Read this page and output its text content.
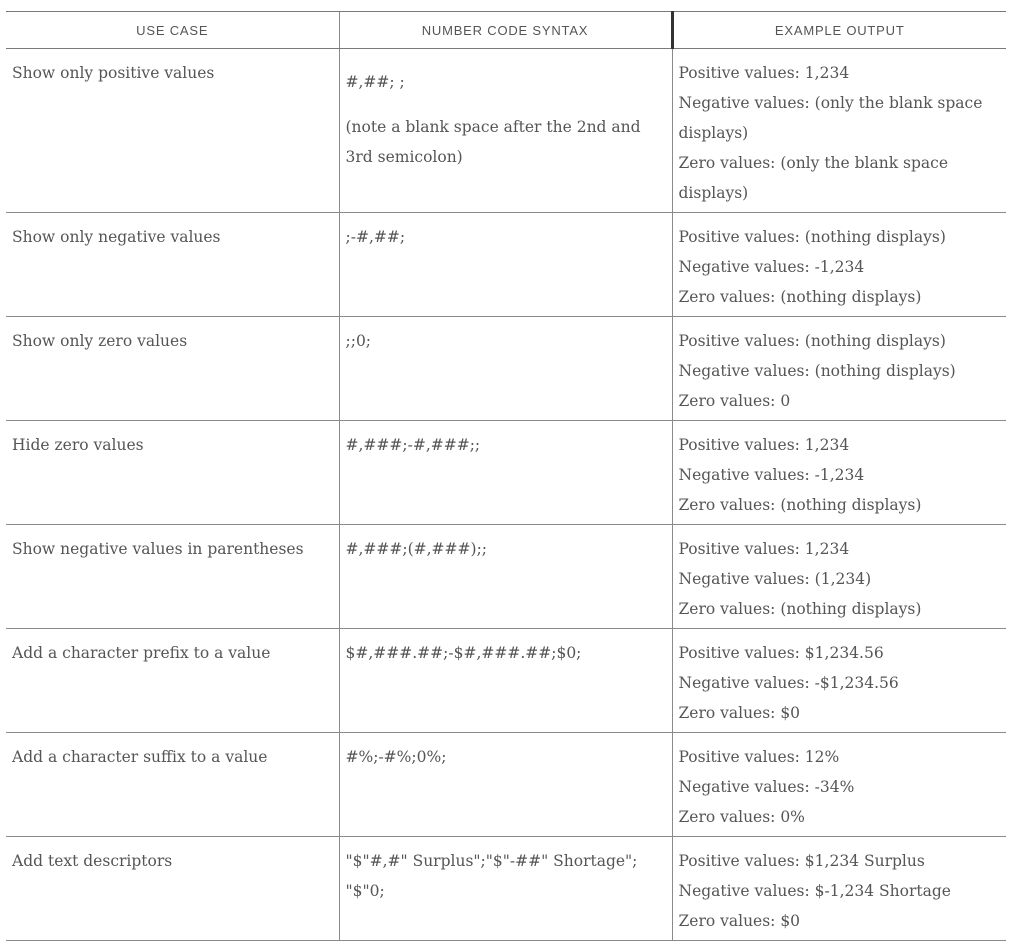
USE CASE	NUMBER CODE SYNTAX	EXAMPLE OUTPUT
Show only positive values	#,##; ;
(note a blank space after the 2nd and 3rd semicolon)	Positive values: 1,234
Negative values: (only the blank space displays)
Zero values: (only the blank space displays)

Show only negative values	;-#,##;	Positive values: (nothing displays)
Negative values: -1,234
Zero values: (nothing displays)

Show only zero values	;;0;	Positive values: (nothing displays)
Negative values: (nothing displays)
Zero values: 0

Hide zero values	#,###;-#,###;;	Positive values: 1,234
Negative values: -1,234
Zero values: (nothing displays)

Show negative values in parentheses	#,###;(#,###);;	Positive values: 1,234
Negative values: (1,234)
Zero values: (nothing displays)

Add a character prefix to a value	$#,###.##;-$#,###.##;$0;	Positive values: $1,234.56
Negative values: -$1,234.56
Zero values: $0

Add a character suffix to a value	#%;-#%;0%;	Positive values: 12%
Negative values: -34%
Zero values: 0%

Add text descriptors	"$"#,#" Surplus";"$"-##" Shortage";
"$"0;	Positive values: $1,234 Surplus
Negative values: $-1,234 Shortage
Zero values: $0
